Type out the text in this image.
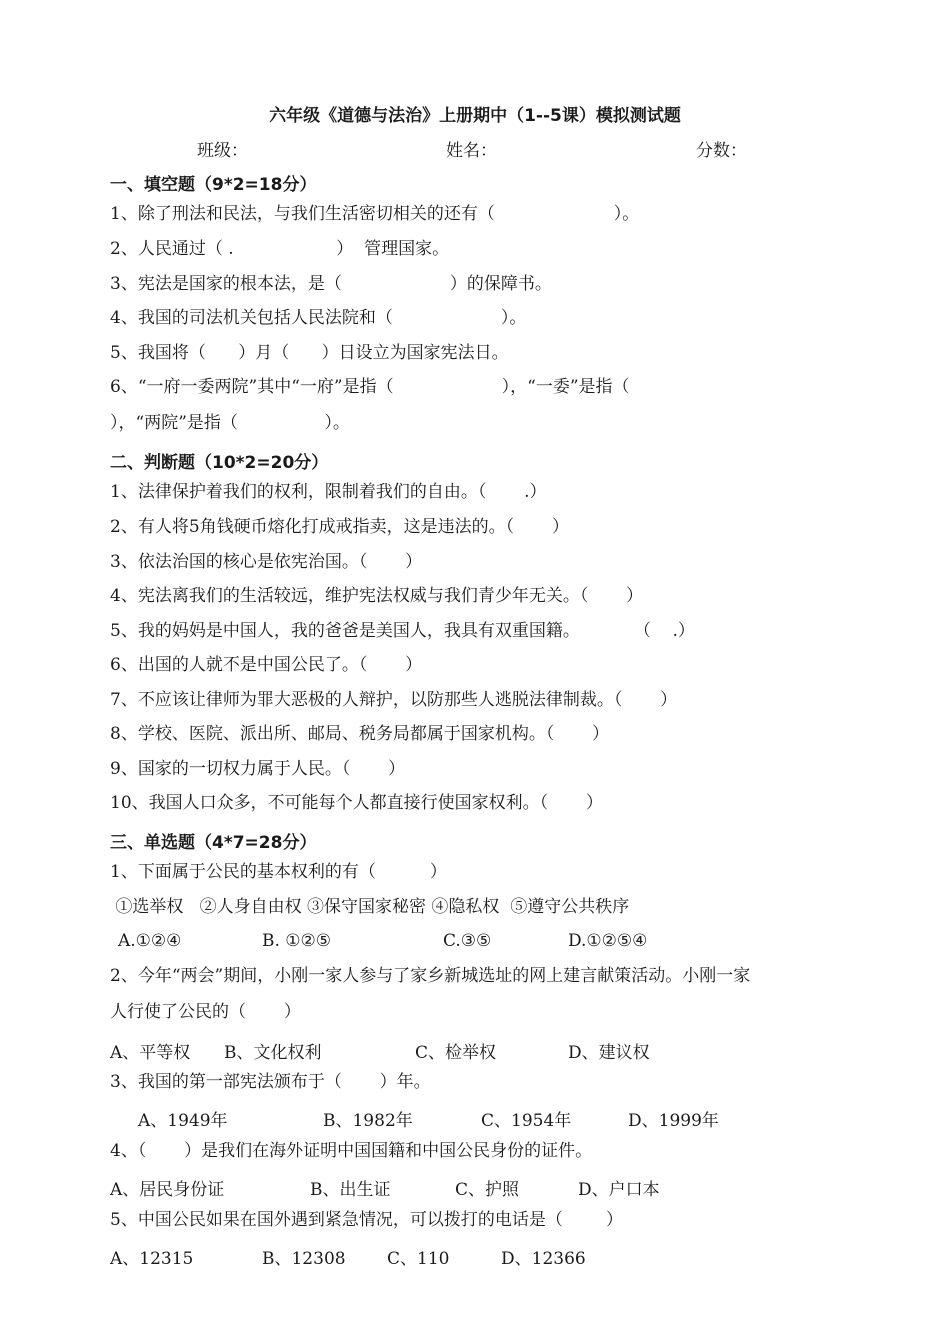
六年级《道德与法治》上册期中（1--5课）模拟测试题
班级：	姓名：	分数：
一、填空题（9*2=18分）
1、除了刑法和民法，与我们生活密切相关的还有（                      ）。
2、人民通过（ .                   ）  管理国家。
3、宪法是国家的根本法，是（                    ）的保障书。
4、我国的司法机关包括人民法院和（                    ）。
5、我国将（      ）月（      ）日设立为国家宪法日。
6、“一府一委两院”其中“一府”是指（                    ），“一委”是指（
），“两院”是指（                ）。
二、判断题（10*2=20分）
1、法律保护着我们的权利，限制着我们的自由。（       .）
2、有人将5角钱硬币熔化打成戒指卖，这是违法的。（       ）
3、依法治国的核心是依宪治国。（       ）
4、宪法离我们的生活较远，维护宪法权威与我们青少年无关。（       ）
5、我的妈妈是中国人，我的爸爸是美国人，我具有双重国籍。          （    .）
6、出国的人就不是中国公民了。（       ）
7、不应该让律师为罪大恶极的人辩护，以防那些人逃脱法律制裁。（       ）
8、学校、医院、派出所、邮局、税务局都属于国家机构。（       ）
9、国家的一切权力属于人民。（       ）
10、我国人口众多，不可能每个人都直接行使国家权利。（       ）
三、单选题（4*7=28分）
1、下面属于公民的基本权利的有（          ）
①选举权   ②人身自由权 ③保守国家秘密 ④隐私权  ⑤遵守公共秩序
A.①②④	B. ①②⑤	C.③⑤	D.①②⑤④
2、今年“两会”期间，小刚一家人参与了家乡新城选址的网上建言献策活动。小刚一家
人行使了公民的（       ）
A、平等权 B、文化权利	C、检举权	D、建议权
3、我国的第一部宪法颁布于（       ）年。
A、1949年	B、1982年	C、1954年	D、1999年
4、（       ）是我们在海外证明中国国籍和中国公民身份的证件。
A、居民身份证	B、出生证	C、护照	D、户口本
5、中国公民如果在国外遇到紧急情况，可以拨打的电话是（        ）
A、12315	B、12308 C、110	D、12366
